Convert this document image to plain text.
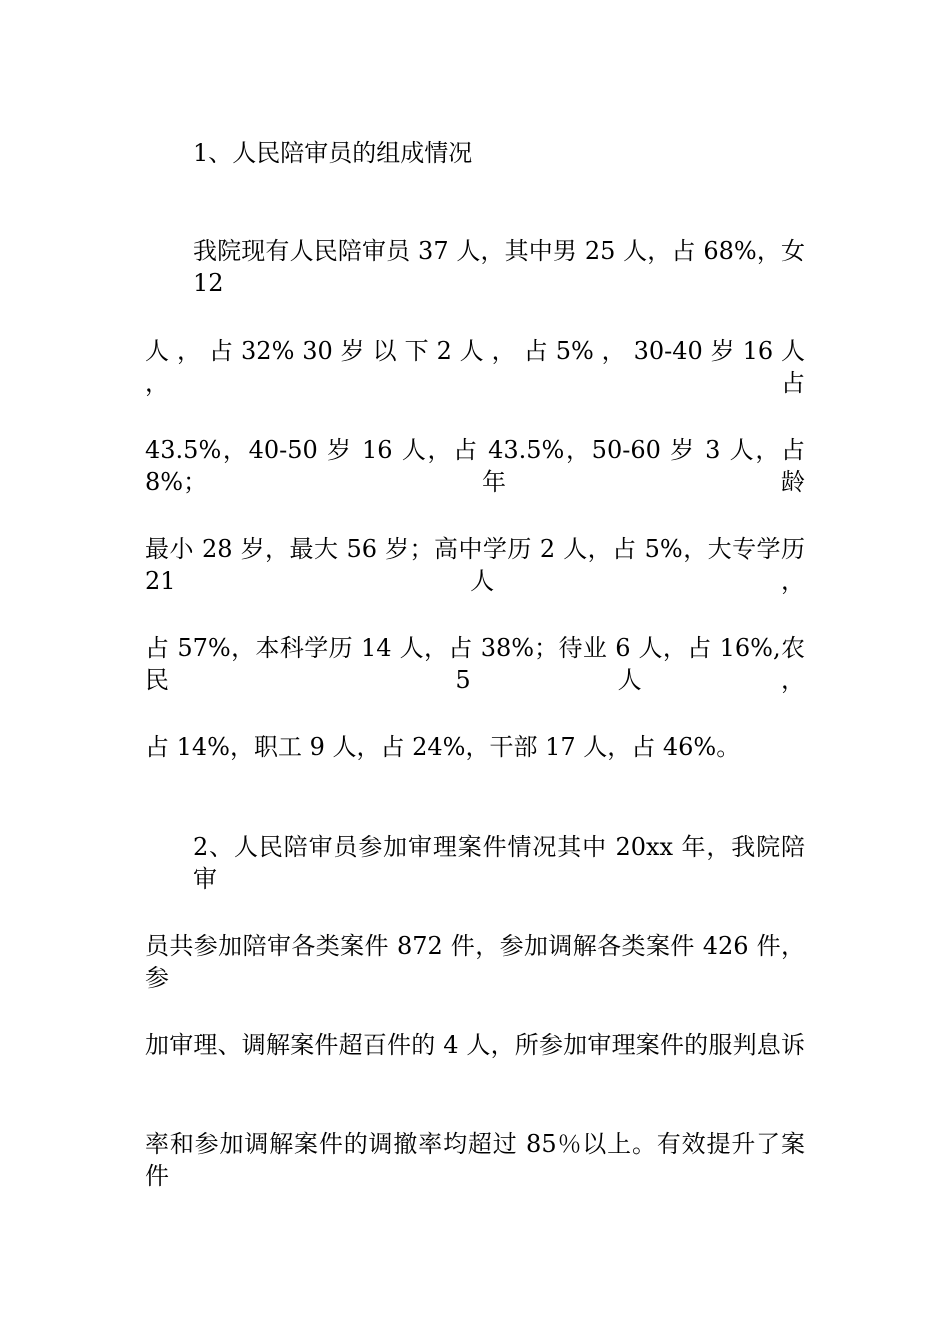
1、人民陪审员的组成情况
我院现有人民陪审员 37 人，其中男 25 人，占 68%，女 12
人 ， 占 32% 30 岁 以 下 2 人 ， 占 5% ， 30-40 岁 16 人 ， 占
43.5%，40-50 岁 16 人，占 43.5%，50-60 岁 3 人，占 8%；年龄
最小 28 岁，最大 56 岁；高中学历 2 人，占 5%，大专学历 21 人，
占 57%，本科学历 14 人，占 38%；待业 6 人，占 16%,农民 5 人，
占 14%，职工 9 人，占 24%，干部 17 人，占 46%。
2、人民陪审员参加审理案件情况其中 20xx 年，我院陪审
员共参加陪审各类案件 872 件，参加调解各类案件 426 件，参
加审理、调解案件超百件的 4 人，所参加审理案件的服判息诉
率和参加调解案件的调撤率均超过 85％以上。有效提升了案件
